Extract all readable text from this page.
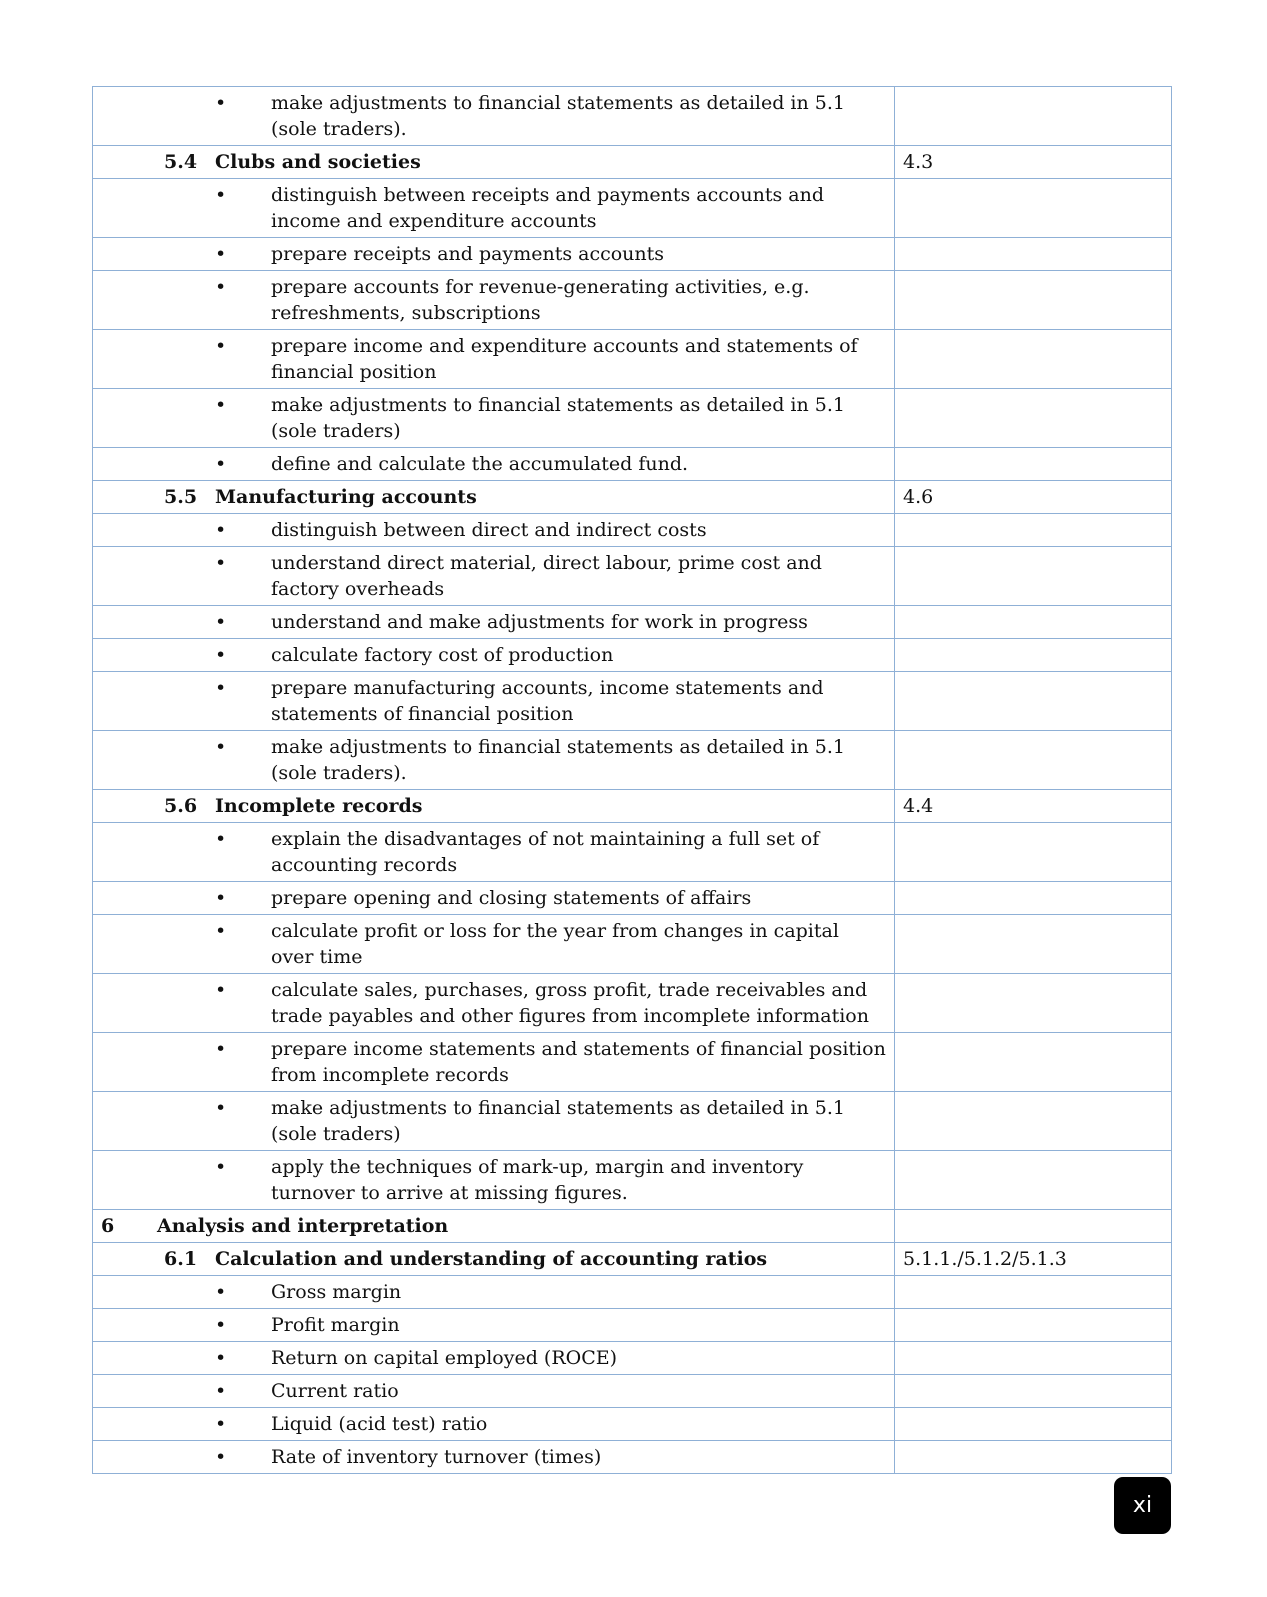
• make adjustments to financial statements as detailed in 5.1 (sole traders).	

5.4 Clubs and societies	4.3

• distinguish between receipts and payments accounts and income and expenditure accounts	

• prepare receipts and payments accounts	

• prepare accounts for revenue-generating activities, e.g. refreshments, subscriptions	

• prepare income and expenditure accounts and statements of financial position	

• make adjustments to financial statements as detailed in 5.1 (sole traders)	

• define and calculate the accumulated fund.	

5.5 Manufacturing accounts	4.6

• distinguish between direct and indirect costs	

• understand direct material, direct labour, prime cost and factory overheads	

• understand and make adjustments for work in progress	

• calculate factory cost of production	

• prepare manufacturing accounts, income statements and statements of financial position	

• make adjustments to financial statements as detailed in 5.1 (sole traders).	

5.6 Incomplete records	4.4

• explain the disadvantages of not maintaining a full set of accounting records	

• prepare opening and closing statements of affairs	

• calculate profit or loss for the year from changes in capital over time	

• calculate sales, purchases, gross profit, trade receivables and trade payables and other figures from incomplete information	

• prepare income statements and statements of financial position from incomplete records	

• make adjustments to financial statements as detailed in 5.1 (sole traders)	

• apply the techniques of mark-up, margin and inventory turnover to arrive at missing figures.	

6 Analysis and interpretation	

6.1 Calculation and understanding of accounting ratios	5.1.1./5.1.2/5.1.3

• Gross margin	

• Profit margin	

• Return on capital employed (ROCE)	

• Current ratio	

• Liquid (acid test) ratio	

• Rate of inventory turnover (times)	

xi
